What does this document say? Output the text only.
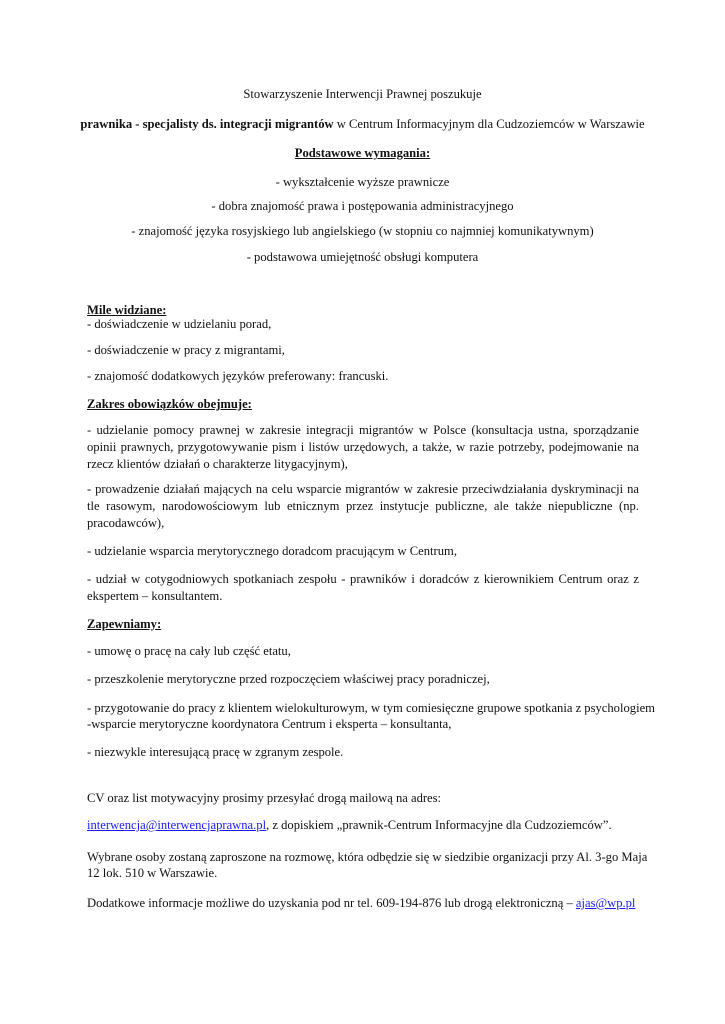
Stowarzyszenie Interwencji Prawnej poszukuje
prawnika - specjalisty ds. integracji migrantów w Centrum Informacyjnym dla Cudzoziemców w Warszawie
Podstawowe wymagania:
- wykształcenie wyższe prawnicze
- dobra znajomość prawa i postępowania administracyjnego
- znajomość języka rosyjskiego lub angielskiego (w stopniu co najmniej komunikatywnym)
- podstawowa umiejętność obsługi komputera
Mile widziane:
- doświadczenie w udzielaniu porad,
- doświadczenie w pracy z migrantami,
- znajomość dodatkowych języków preferowany: francuski.
Zakres obowiązków obejmuje:
- udzielanie pomocy prawnej w zakresie integracji migrantów w Polsce (konsultacja ustna, sporządzanie opinii prawnych, przygotowywanie pism i listów urzędowych, a także, w razie potrzeby, podejmowanie na rzecz klientów działań o charakterze litygacyjnym),
- prowadzenie działań mających na celu wsparcie migrantów w zakresie przeciwdziałania dyskryminacji na tle rasowym, narodowościowym lub etnicznym przez instytucje publiczne, ale także niepubliczne (np. pracodawców),
- udzielanie wsparcia merytorycznego doradcom pracującym w Centrum,
- udział w cotygodniowych spotkaniach zespołu - prawników i doradców z kierownikiem Centrum oraz z ekspertem – konsultantem.
Zapewniamy:
- umowę o pracę na cały lub część etatu,
- przeszkolenie merytoryczne przed rozpoczęciem właściwej pracy poradniczej,
- przygotowanie do pracy z klientem wielokulturowym, w tym comiesięczne grupowe spotkania z psychologiem
-wsparcie merytoryczne koordynatora Centrum i eksperta – konsultanta,
- niezwykle interesującą pracę w zgranym zespole.
CV oraz list motywacyjny prosimy przesyłać drogą mailową na adres:
interwencja@interwencjaprawna.pl, z dopiskiem „prawnik-Centrum Informacyjne dla Cudzoziemców”.
Wybrane osoby zostaną zaproszone na rozmowę, która odbędzie się w siedzibie organizacji przy Al. 3-go Maja
12 lok. 510 w Warszawie.
Dodatkowe informacje możliwe do uzyskania pod nr tel. 609-194-876 lub drogą elektroniczną – ajas@wp.pl
